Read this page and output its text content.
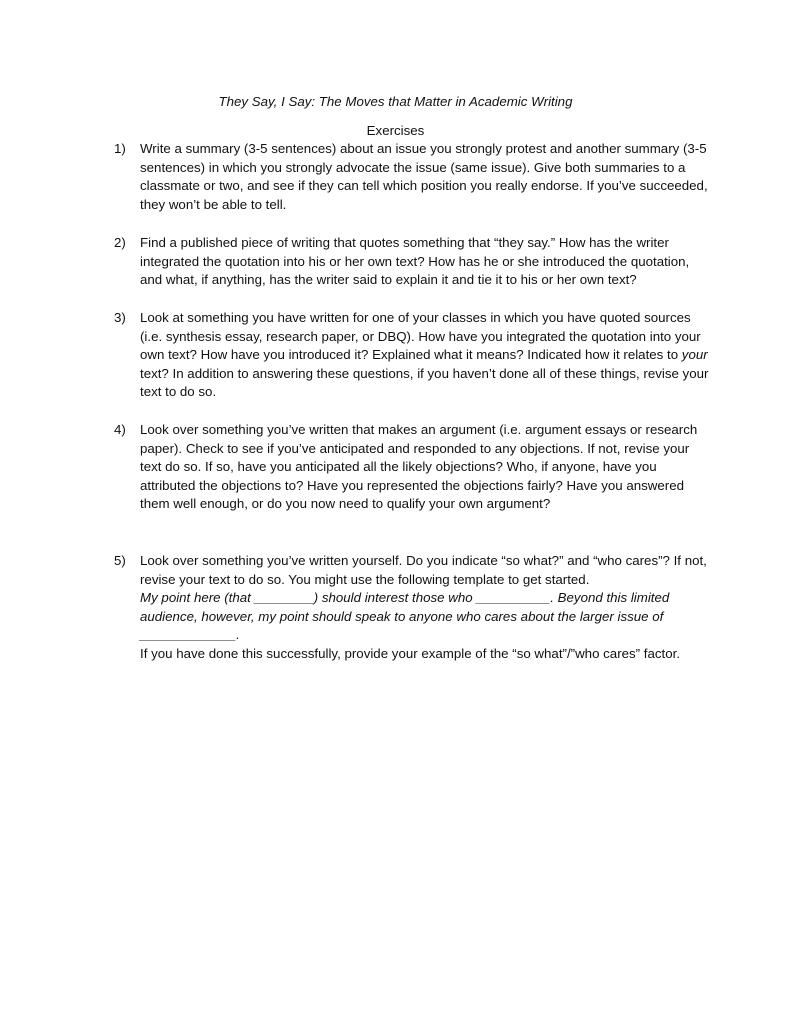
They Say, I Say: The Moves that Matter in Academic Writing

Exercises

1)	Write a summary (3-5 sentences) about an issue you strongly protest and another summary (3-5 sentences) in which you strongly advocate the issue (same issue). Give both summaries to a classmate or two, and see if they can tell which position you really endorse. If you’ve succeeded, they won’t be able to tell.

2)	Find a published piece of writing that quotes something that “they say.” How has the writer integrated the quotation into his or her own text? How has he or she introduced the quotation, and what, if anything, has the writer said to explain it and tie it to his or her own text?

3)	Look at something you have written for one of your classes in which you have quoted sources (i.e. synthesis essay, research paper, or DBQ). How have you integrated the quotation into your own text? How have you introduced it? Explained what it means? Indicated how it relates to your text? In addition to answering these questions, if you haven’t done all of these things, revise your text to do so.

4)	Look over something you’ve written that makes an argument (i.e. argument essays or research paper). Check to see if you’ve anticipated and responded to any objections. If not, revise your text do so. If so, have you anticipated all the likely objections? Who, if anyone, have you attributed the objections to? Have you represented the objections fairly? Have you answered them well enough, or do you now need to qualify your own argument?

5)	Look over something you’ve written yourself. Do you indicate “so what?” and “who cares”? If not, revise your text to do so. You might use the following template to get started.

My point here (that ________) should interest those who __________. Beyond this limited audience, however, my point should speak to anyone who cares about the larger issue of

_____________.

If you have done this successfully, provide your example of the “so what”/”who cares” factor.
